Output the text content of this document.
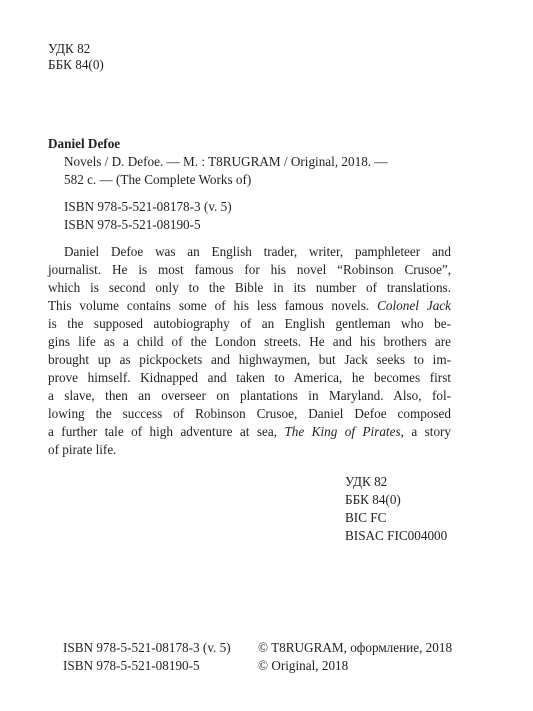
УДК 82
ББК 84(0)
Daniel Defoe
Novels / D. Defoe. — M. : T8RUGRAM / Original, 2018. —
582 c. — (The Complete Works of)
ISBN 978-5-521-08178-3 (v. 5)
ISBN 978-5-521-08190-5
Daniel Defoe was an English trader, writer, pamphleteer and
journalist. He is most famous for his novel “Robinson Crusoe”,
which is second only to the Bible in its number of translations.
This volume contains some of his less famous novels. Colonel Jack
is the supposed autobiography of an English gentleman who be-
gins life as a child of the London streets. He and his brothers are
brought up as pickpockets and highwaymen, but Jack seeks to im-
prove himself. Kidnapped and taken to America, he becomes first
a slave, then an overseer on plantations in Maryland. Also, fol-
lowing the success of Robinson Crusoe, Daniel Defoe composed
a further tale of high adventure at sea, The King of Pirates, a story
of pirate life.
УДК 82
ББК 84(0)
BIC FC
BISAC FIC004000
ISBN 978-5-521-08178-3 (v. 5)
ISBN 978-5-521-08190-5
© T8RUGRAM, оформление, 2018
© Original, 2018
